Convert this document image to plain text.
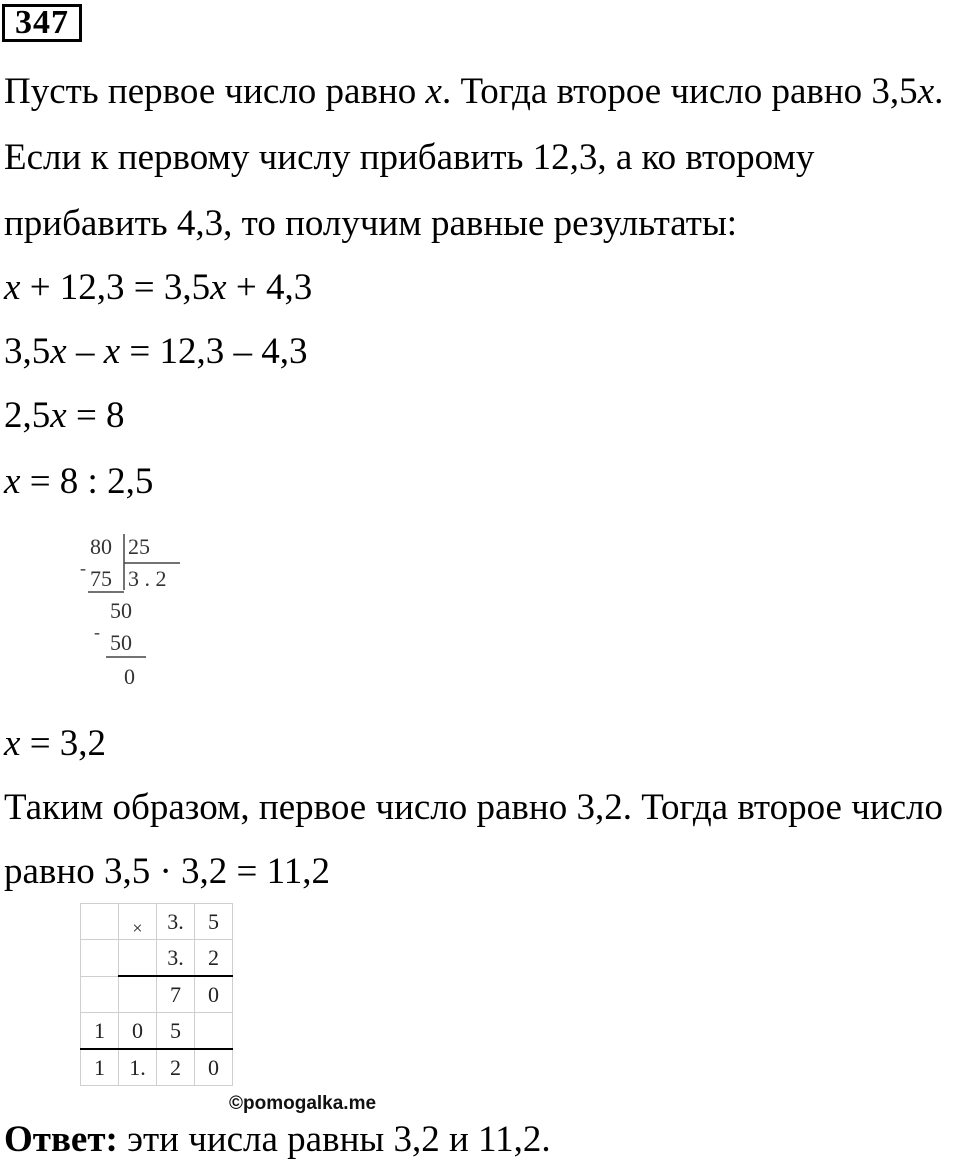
347
Пусть первое число равно x. Тогда второе число равно 3,5x.
Если к первому числу прибавить 12,3, а ко второму
прибавить 4,3, то получим равные результаты:
x + 12,3 = 3,5x + 4,3
3,5x – x = 12,3 – 4,3
2,5x = 8
x = 8 : 2,5
80 25
- 75 3 . 2
50
- 50
0
x = 3,2
Таким образом, первое число равно 3,2. Тогда второе число
равно 3,5 · 3,2 = 11,2
	×	3.	5
		3.	2
		7	0
1	0	5	
1	1.	2	0
©pomogalka.me
Ответ: эти числа равны 3,2 и 11,2.
